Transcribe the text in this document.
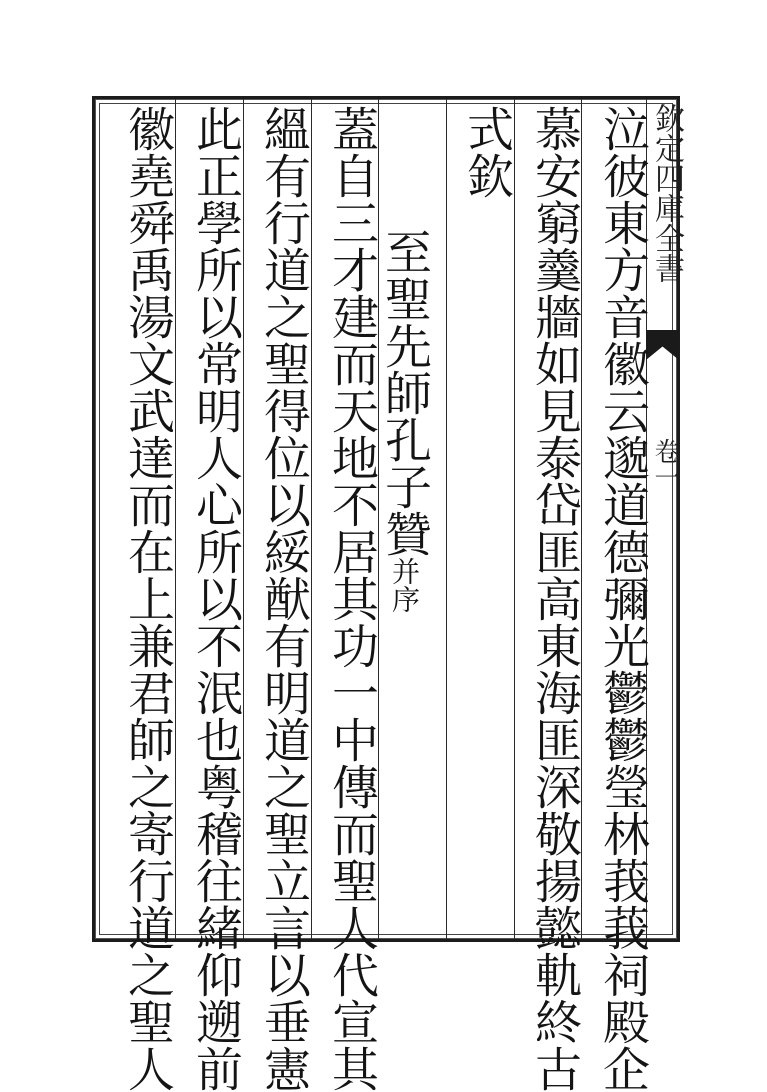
欽定四庫全書
卷一

泣彼東方音徽云邈道德彌光鬱鬱瑩林莪莪祠殿企

慕安窮羹牆如見泰岱匪高東海匪深敬揚懿軌終古

式欽

至聖先師孔子贊并序

蓋自三才建而天地不居其功一中傳而聖人代宣其

縕有行道之聖得位以綏猷有明道之聖立言以垂憲

此正學所以常明人心所以不泯也粤稽往緒仰遡前

徽堯舜禹湯文武達而在上兼君師之寄行道之聖人
